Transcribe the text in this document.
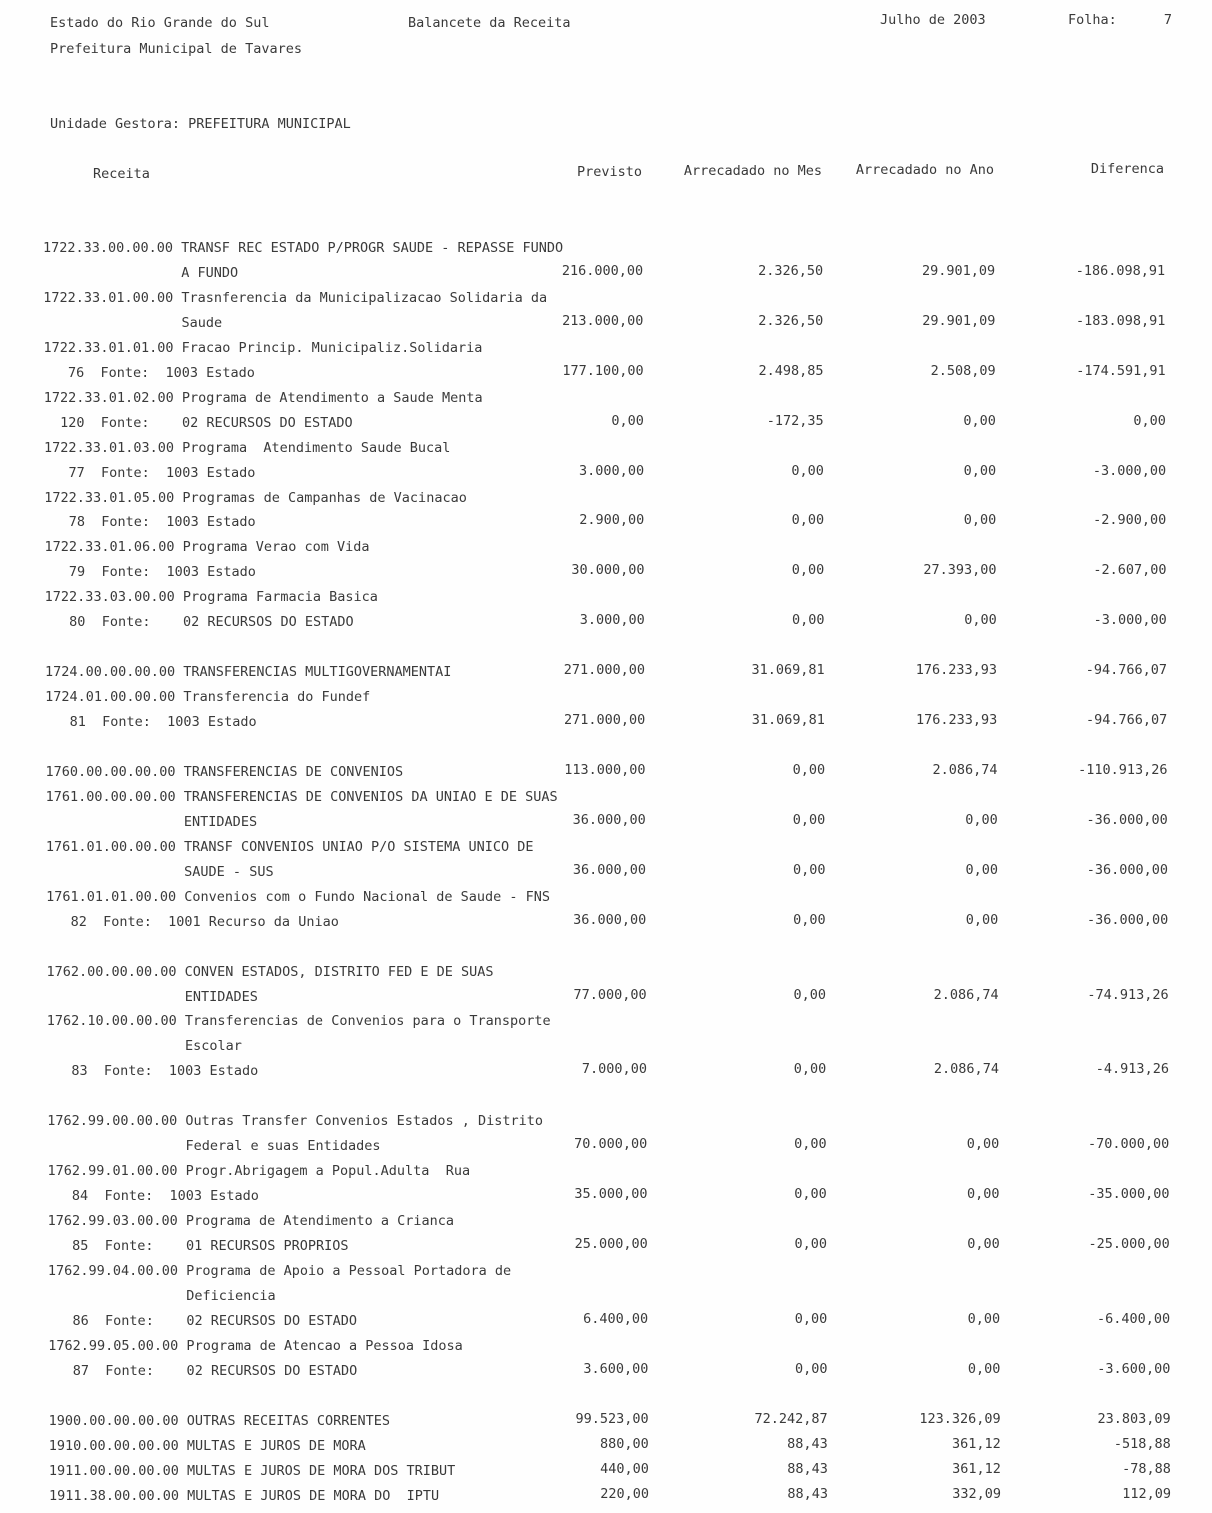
Estado do Rio Grande do Sul	Balancete da Receita	Julho de 2003	Folha:	7
Prefeitura Municipal de Tavares
Unidade Gestora: PREFEITURA MUNICIPAL
Receita	Previsto	Arrecadado no Mes	Arrecadado no Ano	Diferenca
1722.33.00.00.00 TRANSF REC ESTADO P/PROGR SAUDE - REPASSE FUNDO
A FUNDO	216.000,00	2.326,50	29.901,09	-186.098,91
1722.33.01.00.00 Trasnferencia da Municipalizacao Solidaria da
Saude	213.000,00	2.326,50	29.901,09	-183.098,91
1722.33.01.01.00 Fracao Princip. Municipaliz.Solidaria
76  Fonte:  1003 Estado	177.100,00	2.498,85	2.508,09	-174.591,91
1722.33.01.02.00 Programa de Atendimento a Saude Menta
120  Fonte:    02 RECURSOS DO ESTADO	0,00	-172,35	0,00	0,00
1722.33.01.03.00 Programa  Atendimento Saude Bucal
77  Fonte:  1003 Estado	3.000,00	0,00	0,00	-3.000,00
1722.33.01.05.00 Programas de Campanhas de Vacinacao
78  Fonte:  1003 Estado	2.900,00	0,00	0,00	-2.900,00
1722.33.01.06.00 Programa Verao com Vida
79  Fonte:  1003 Estado	30.000,00	0,00	27.393,00	-2.607,00
1722.33.03.00.00 Programa Farmacia Basica
80  Fonte:    02 RECURSOS DO ESTADO	3.000,00	0,00	0,00	-3.000,00
1724.00.00.00.00 TRANSFERENCIAS MULTIGOVERNAMENTAI	271.000,00	31.069,81	176.233,93	-94.766,07
1724.01.00.00.00 Transferencia do Fundef
81  Fonte:  1003 Estado	271.000,00	31.069,81	176.233,93	-94.766,07
1760.00.00.00.00 TRANSFERENCIAS DE CONVENIOS	113.000,00	0,00	2.086,74	-110.913,26
1761.00.00.00.00 TRANSFERENCIAS DE CONVENIOS DA UNIAO E DE SUAS
ENTIDADES	36.000,00	0,00	0,00	-36.000,00
1761.01.00.00.00 TRANSF CONVENIOS UNIAO P/O SISTEMA UNICO DE
SAUDE - SUS	36.000,00	0,00	0,00	-36.000,00
1761.01.01.00.00 Convenios com o Fundo Nacional de Saude - FNS
82  Fonte:  1001 Recurso da Uniao	36.000,00	0,00	0,00	-36.000,00
1762.00.00.00.00 CONVEN ESTADOS, DISTRITO FED E DE SUAS
ENTIDADES	77.000,00	0,00	2.086,74	-74.913,26
1762.10.00.00.00 Transferencias de Convenios para o Transporte
Escolar
83  Fonte:  1003 Estado	7.000,00	0,00	2.086,74	-4.913,26
1762.99.00.00.00 Outras Transfer Convenios Estados , Distrito
Federal e suas Entidades	70.000,00	0,00	0,00	-70.000,00
1762.99.01.00.00 Progr.Abrigagem a Popul.Adulta  Rua
84  Fonte:  1003 Estado	35.000,00	0,00	0,00	-35.000,00
1762.99.03.00.00 Programa de Atendimento a Crianca
85  Fonte:    01 RECURSOS PROPRIOS	25.000,00	0,00	0,00	-25.000,00
1762.99.04.00.00 Programa de Apoio a Pessoal Portadora de
Deficiencia
86  Fonte:    02 RECURSOS DO ESTADO	6.400,00	0,00	0,00	-6.400,00
1762.99.05.00.00 Programa de Atencao a Pessoa Idosa
87  Fonte:    02 RECURSOS DO ESTADO	3.600,00	0,00	0,00	-3.600,00
1900.00.00.00.00 OUTRAS RECEITAS CORRENTES	99.523,00	72.242,87	123.326,09	23.803,09
1910.00.00.00.00 MULTAS E JUROS DE MORA	880,00	88,43	361,12	-518,88
1911.00.00.00.00 MULTAS E JUROS DE MORA DOS TRIBUT	440,00	88,43	361,12	-78,88
1911.38.00.00.00 MULTAS E JUROS DE MORA DO  IPTU	220,00	88,43	332,09	112,09
